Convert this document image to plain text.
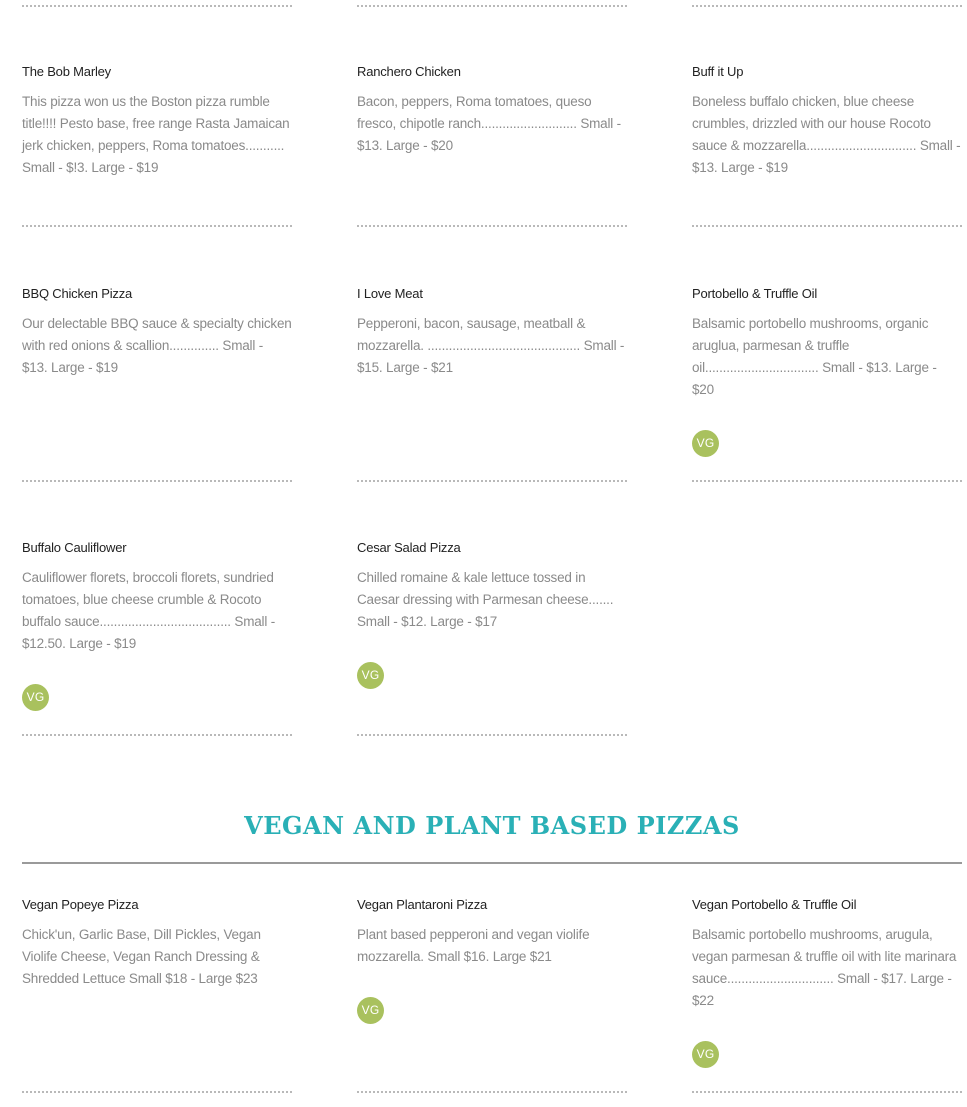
The Bob Marley
This pizza won us the Boston pizza rumble title!!!! Pesto base, free range Rasta Jamaican jerk chicken, peppers, Roma tomatoes........... Small - $!3. Large - $19
Ranchero Chicken
Bacon, peppers, Roma tomatoes, queso fresco, chipotle ranch........................... Small - $13. Large - $20
Buff it Up
Boneless buffalo chicken, blue cheese crumbles, drizzled with our house Rocoto sauce & mozzarella............................... Small - $13. Large - $19
BBQ Chicken Pizza
Our delectable BBQ sauce & specialty chicken with red onions & scallion.............. Small - $13. Large - $19
I Love Meat
Pepperoni, bacon, sausage, meatball & mozzarella. ........................................... Small - $15. Large - $21
Portobello & Truffle Oil
Balsamic portobello mushrooms, organic aruglua, parmesan & truffle oil................................ Small - $13. Large - $20
VG
Buffalo Cauliflower
Cauliflower florets, broccoli florets, sundried tomatoes, blue cheese crumble & Rocoto buffalo sauce..................................... Small - $12.50. Large - $19
VG
Cesar Salad Pizza
Chilled romaine & kale lettuce tossed in Caesar dressing with Parmesan cheese....... Small - $12. Large - $17
VG
VEGAN AND PLANT BASED PIZZAS
Vegan Popeye Pizza
Chick'un, Garlic Base, Dill Pickles, Vegan Violife Cheese, Vegan Ranch Dressing & Shredded Lettuce Small $18 - Large $23
Vegan Plantaroni Pizza
Plant based pepperoni and vegan violife mozzarella. Small $16. Large $21
VG
Vegan Portobello & Truffle Oil
Balsamic portobello mushrooms, arugula, vegan parmesan & truffle oil with lite marinara sauce.............................. Small - $17. Large - $22
VG
